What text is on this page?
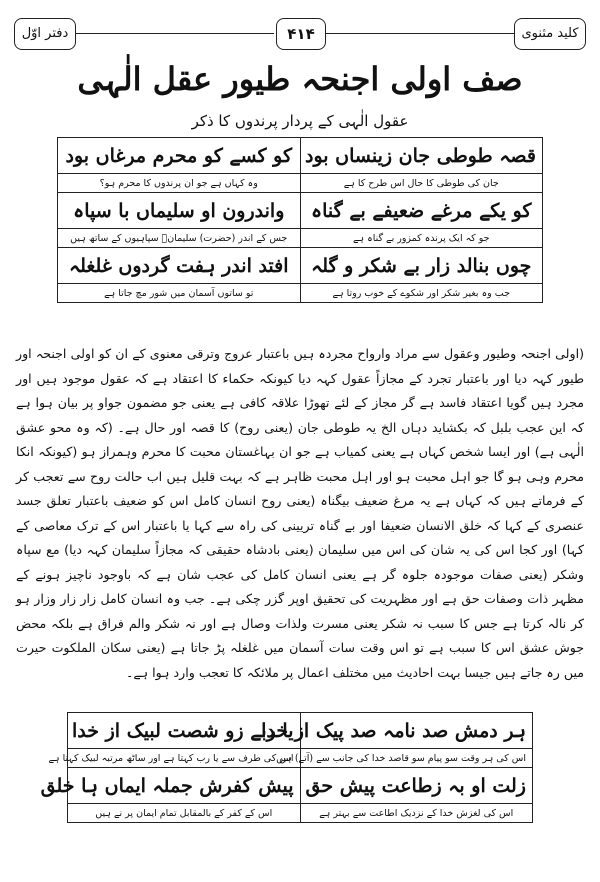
کلید مثنوی
۴۱۴
دفتر اوّل
صف اولی اجنحہ طیور عقل الٰہی
عقول الٰہی کے پردار پرندوں کا ذکر
قصہ طوطی جان زینساں بود	کو کسے کو محرم مرغاں بود
جان کی طوطی کا حال اس طرح کا ہے	وہ کہاں ہے جو ان پرندوں کا محرم ہو؟
کو یکے مرغے ضعیفے بے گناہ	واندرون او سلیماں با سپاہ
جو کہ ایک پرندہ کمزور بے گناہ ہے	جس کے اندر (حضرت) سلیمانؑ سپاہیوں کے ساتھ ہیں
چوں بنالد زار بے شکر و گلہ	افتد اندر ہفت گردوں غلغلہ
جب وہ بغیر شکر اور شکوے کے خوب روتا ہے	تو ساتوں آسمان میں شور مچ جاتا ہے
(اولی اجنحہ وطیور وعقول سے مراد وارواح مجردہ ہیں باعتبار عروج وترقی معنوی کے ان کو اولی اجنحہ اور طیور کہہ دیا اور باعتبار تجرد کے مجازاً عقول کہہ دیا کیونکہ حکماء کا اعتقاد ہے کہ عقول موجود ہیں اور مجرد ہیں گویا اعتقاد فاسد ہے گر مجاز کے لئے تھوڑا علاقہ کافی ہے یعنی جو مضمون جواو پر بیان ہوا ہے کہ این عجب بلبل کہ بکشاید دہاں الخ یہ طوطی جان (یعنی روح) کا قصہ اور حال ہے۔ (کہ وہ محو عشق الٰہی ہے) اور ایسا شخص کہاں ہے یعنی کمیاب ہے جو ان بہاغستان محبت کا محرم وہمراز ہو (کیونکہ انکا محرم وہی ہو گا جو اہل محبت ہو اور اہل محبت ظاہر ہے کہ بہت قلیل ہیں اب حالت روح سے تعجب کر کے فرماتے ہیں کہ کہاں ہے یہ مرغ ضعیف بیگناہ (یعنی روح انسان کامل اس کو ضعیف باعتبار تعلق جسد عنصری کے کہا کہ خلق الانسان ضعیفا اور بے گناہ تریینی کی راہ سے کہا یا باعتبار اس کے ترک معاصی کے کہا) اور کجا اس کی یہ شان کی اس میں سلیمان (یعنی بادشاہ حقیقی کہ مجازاً سلیمان کہہ دیا) مع سپاہ وشکر (یعنی صفات موجودہ جلوہ گر ہے یعنی انسان کامل کی عجب شان ہے کہ باوجود ناچیز ہونے کے مظہر ذات وصفات حق ہے اور مظہریت کی تحقیق اوپر گزر چکی ہے۔ جب وہ انسان کامل زار زار وزار ہو کر نالہ کرتا ہے جس کا سبب نہ شکر یعنی مسرت ولذات وصال ہے اور نہ شکر والم فراق ہے بلکہ محض جوش عشق اس کا سبب ہے تو اس وقت سات آسمان میں غلغلہ پڑ جاتا ہے (یعنی سکان الملکوت حیرت میں رہ جاتے ہیں جیسا بہت احادیث میں مختلف اعمال پر ملائکہ کا تعجب وارد ہوا ہے۔
ہر دمش صد نامہ صد پیک از خدا	یا ربے زو شصت لبیک از خدا
اس کی ہر وقت سو پیام سو قاصد خدا کی جانب سے (آتے) ہیں	اس کی طرف سے یا رب کہتا ہے اور ساٹھ مرتبہ لبیک کہتا ہے
زلت او بہ زطاعت پیش حق	پیش کفرش جملہ ایماں ہا خلق
اس کی لغزش خدا کے نزدیک اطاعت سے بہتر ہے	اس کے کفر کے بالمقابل تمام ایمان پر نے ہیں
